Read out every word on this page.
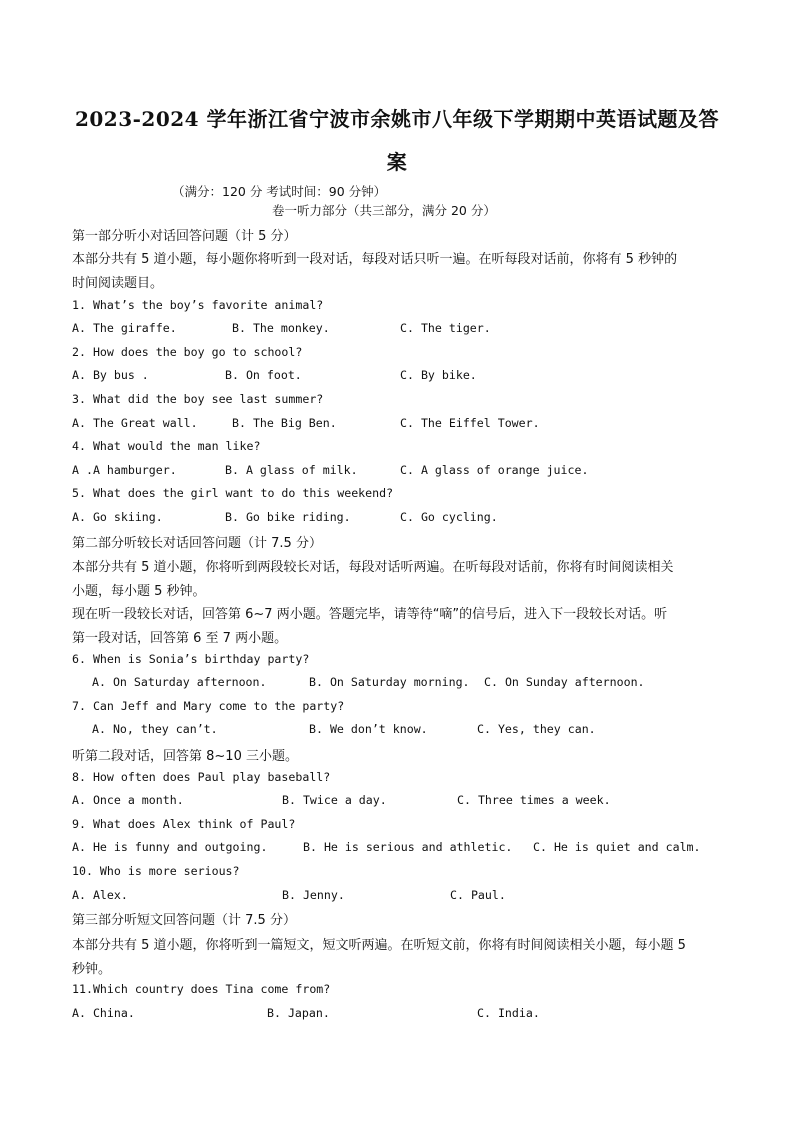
2023-2024 学年浙江省宁波市余姚市八年级下学期期中英语试题及答
案
（满分：120 分 考试时间：90 分钟）
卷一听力部分（共三部分，满分 20 分）
第一部分听小对话回答问题（计 5 分）
本部分共有 5 道小题，每小题你将听到一段对话，每段对话只听一遍。在听每段对话前，你将有 5 秒钟的
时间阅读题目。
1. What’s the boy’s favorite animal?
A. The giraffe.	B. The monkey.	C. The tiger.
2. How does the boy go to school?
A. By bus .	B. On foot.	C. By bike.
3. What did the boy see last summer?
A. The Great wall.	B. The Big Ben.	C. The Eiffel Tower.
4. What would the man like?
A .A hamburger.	B. A glass of milk.	C. A glass of orange juice.
5. What does the girl want to do this weekend?
A. Go skiing.	B. Go bike riding.	C. Go cycling.
第二部分听较长对话回答问题（计 7.5 分）
本部分共有 5 道小题，你将听到两段较长对话，每段对话听两遍。在听每段对话前，你将有时间阅读相关
小题，每小题 5 秒钟。
现在听一段较长对话，回答第 6~7 两小题。答题完毕，请等待“嘀”的信号后，进入下一段较长对话。听
第一段对话，回答第 6 至 7 两小题。
6. When is Sonia’s birthday party?
A. On Saturday afternoon.	B. On Saturday morning. C. On Sunday afternoon.
7. Can Jeff and Mary come to the party?
A. No, they can’t.	B. We don’t know.	C. Yes, they can.
听第二段对话，回答第 8~10 三小题。
8. How often does Paul play baseball?
A. Once a month.	B. Twice a day.	C. Three times a week.
9. What does Alex think of Paul?
A. He is funny and outgoing.	B. He is serious and athletic. C. He is quiet and calm.
10. Who is more serious?
A. Alex.	B. Jenny.	C. Paul.
第三部分听短文回答问题（计 7.5 分）
本部分共有 5 道小题，你将听到一篇短文，短文听两遍。在听短文前，你将有时间阅读相关小题，每小题 5
秒钟。
11.Which country does Tina come from?
A. China.	B. Japan.	C. India.
